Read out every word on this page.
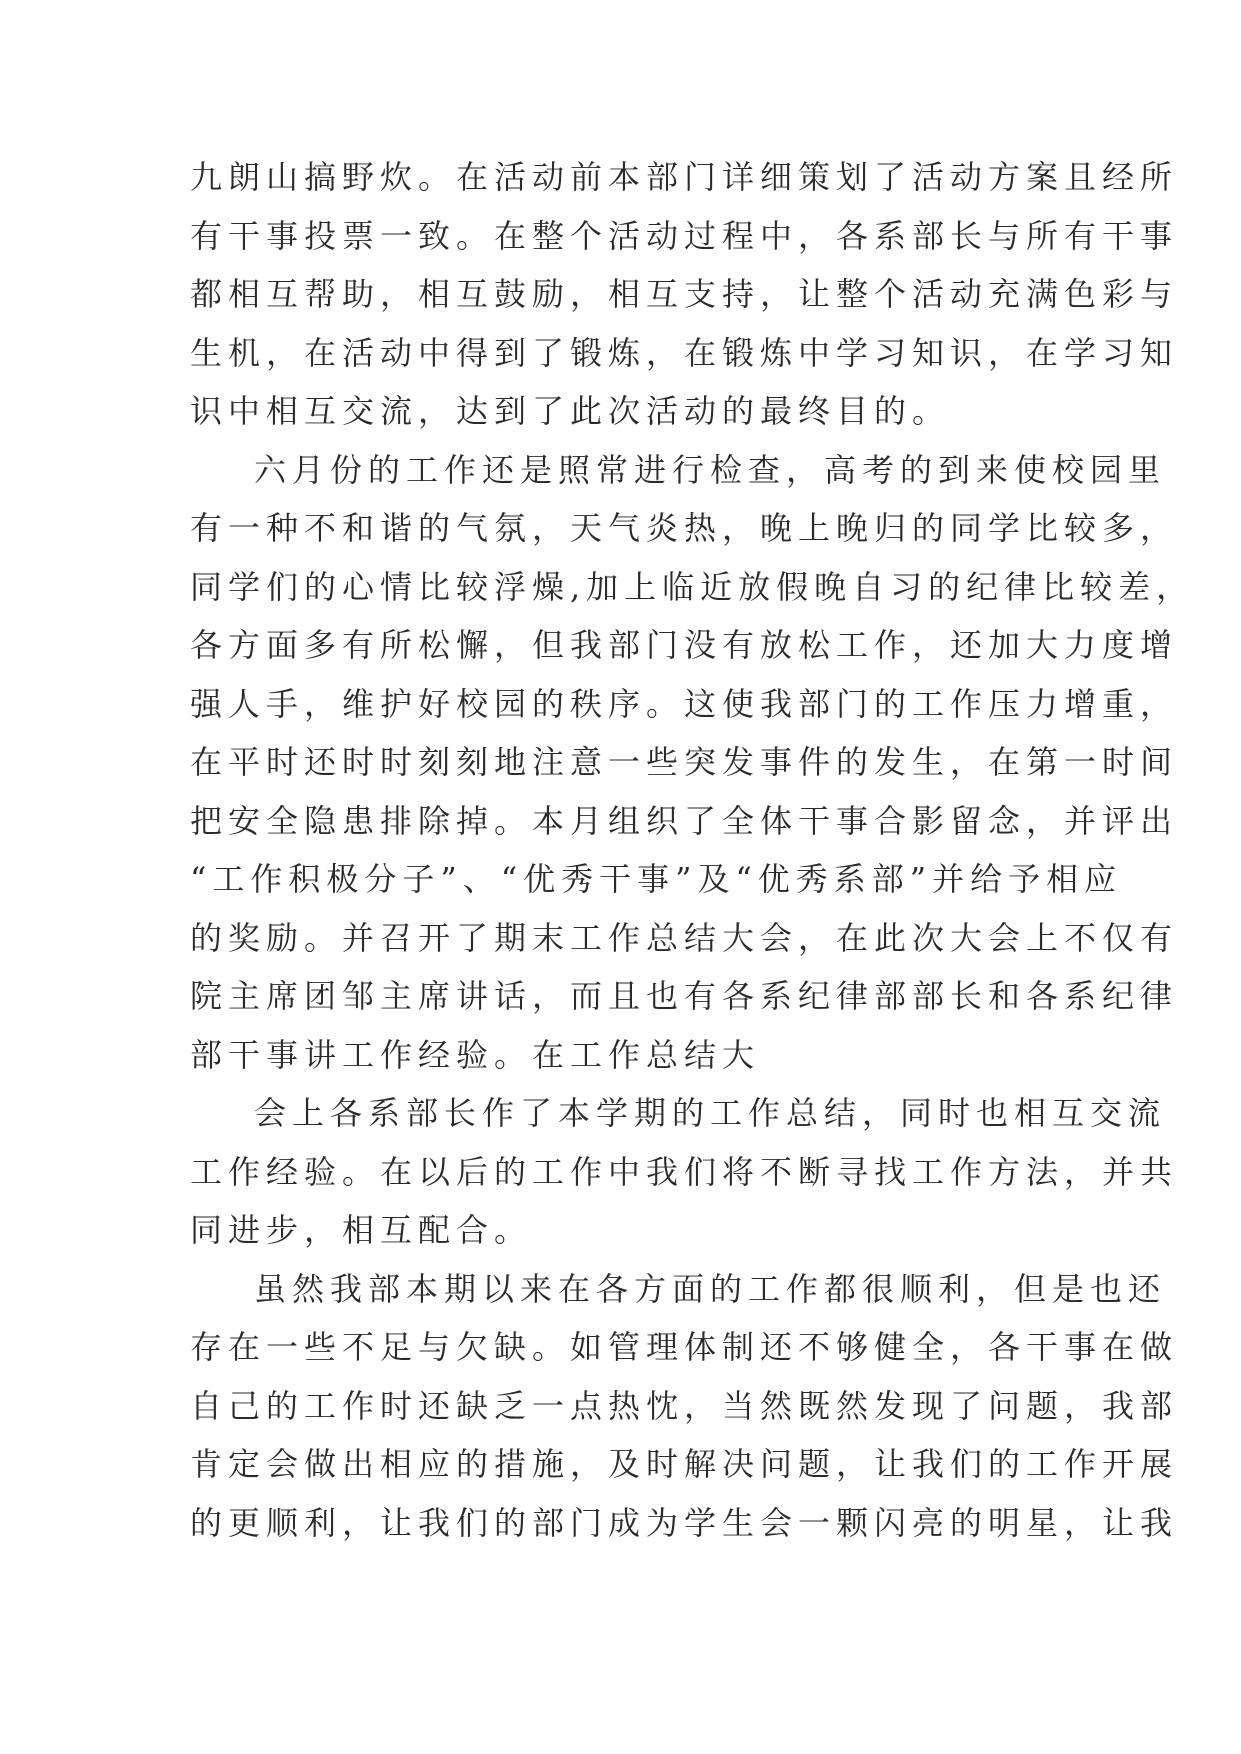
九朗山搞野炊。在活动前本部门详细策划了活动方案且经所
有干事投票一致。在整个活动过程中，各系部长与所有干事
都相互帮助，相互鼓励，相互支持，让整个活动充满色彩与
生机，在活动中得到了锻炼，在锻炼中学习知识，在学习知
识中相互交流，达到了此次活动的最终目的。
六月份的工作还是照常进行检查，高考的到来使校园里
有一种不和谐的气氛，天气炎热，晚上晚归的同学比较多，
同学们的心情比较浮燥,加上临近放假晚自习的纪律比较差，
各方面多有所松懈，但我部门没有放松工作，还加大力度增
强人手，维护好校园的秩序。这使我部门的工作压力增重，
在平时还时时刻刻地注意一些突发事件的发生，在第一时间
把安全隐患排除掉。本月组织了全体干事合影留念，并评出
“工作积极分子”、“优秀干事”及“优秀系部”并给予相应
的奖励。并召开了期末工作总结大会，在此次大会上不仅有
院主席团邹主席讲话，而且也有各系纪律部部长和各系纪律
部干事讲工作经验。在工作总结大
会上各系部长作了本学期的工作总结，同时也相互交流
工作经验。在以后的工作中我们将不断寻找工作方法，并共
同进步，相互配合。
虽然我部本期以来在各方面的工作都很顺利，但是也还
存在一些不足与欠缺。如管理体制还不够健全，各干事在做
自己的工作时还缺乏一点热忱，当然既然发现了问题，我部
肯定会做出相应的措施，及时解决问题，让我们的工作开展
的更顺利，让我们的部门成为学生会一颗闪亮的明星，让我
